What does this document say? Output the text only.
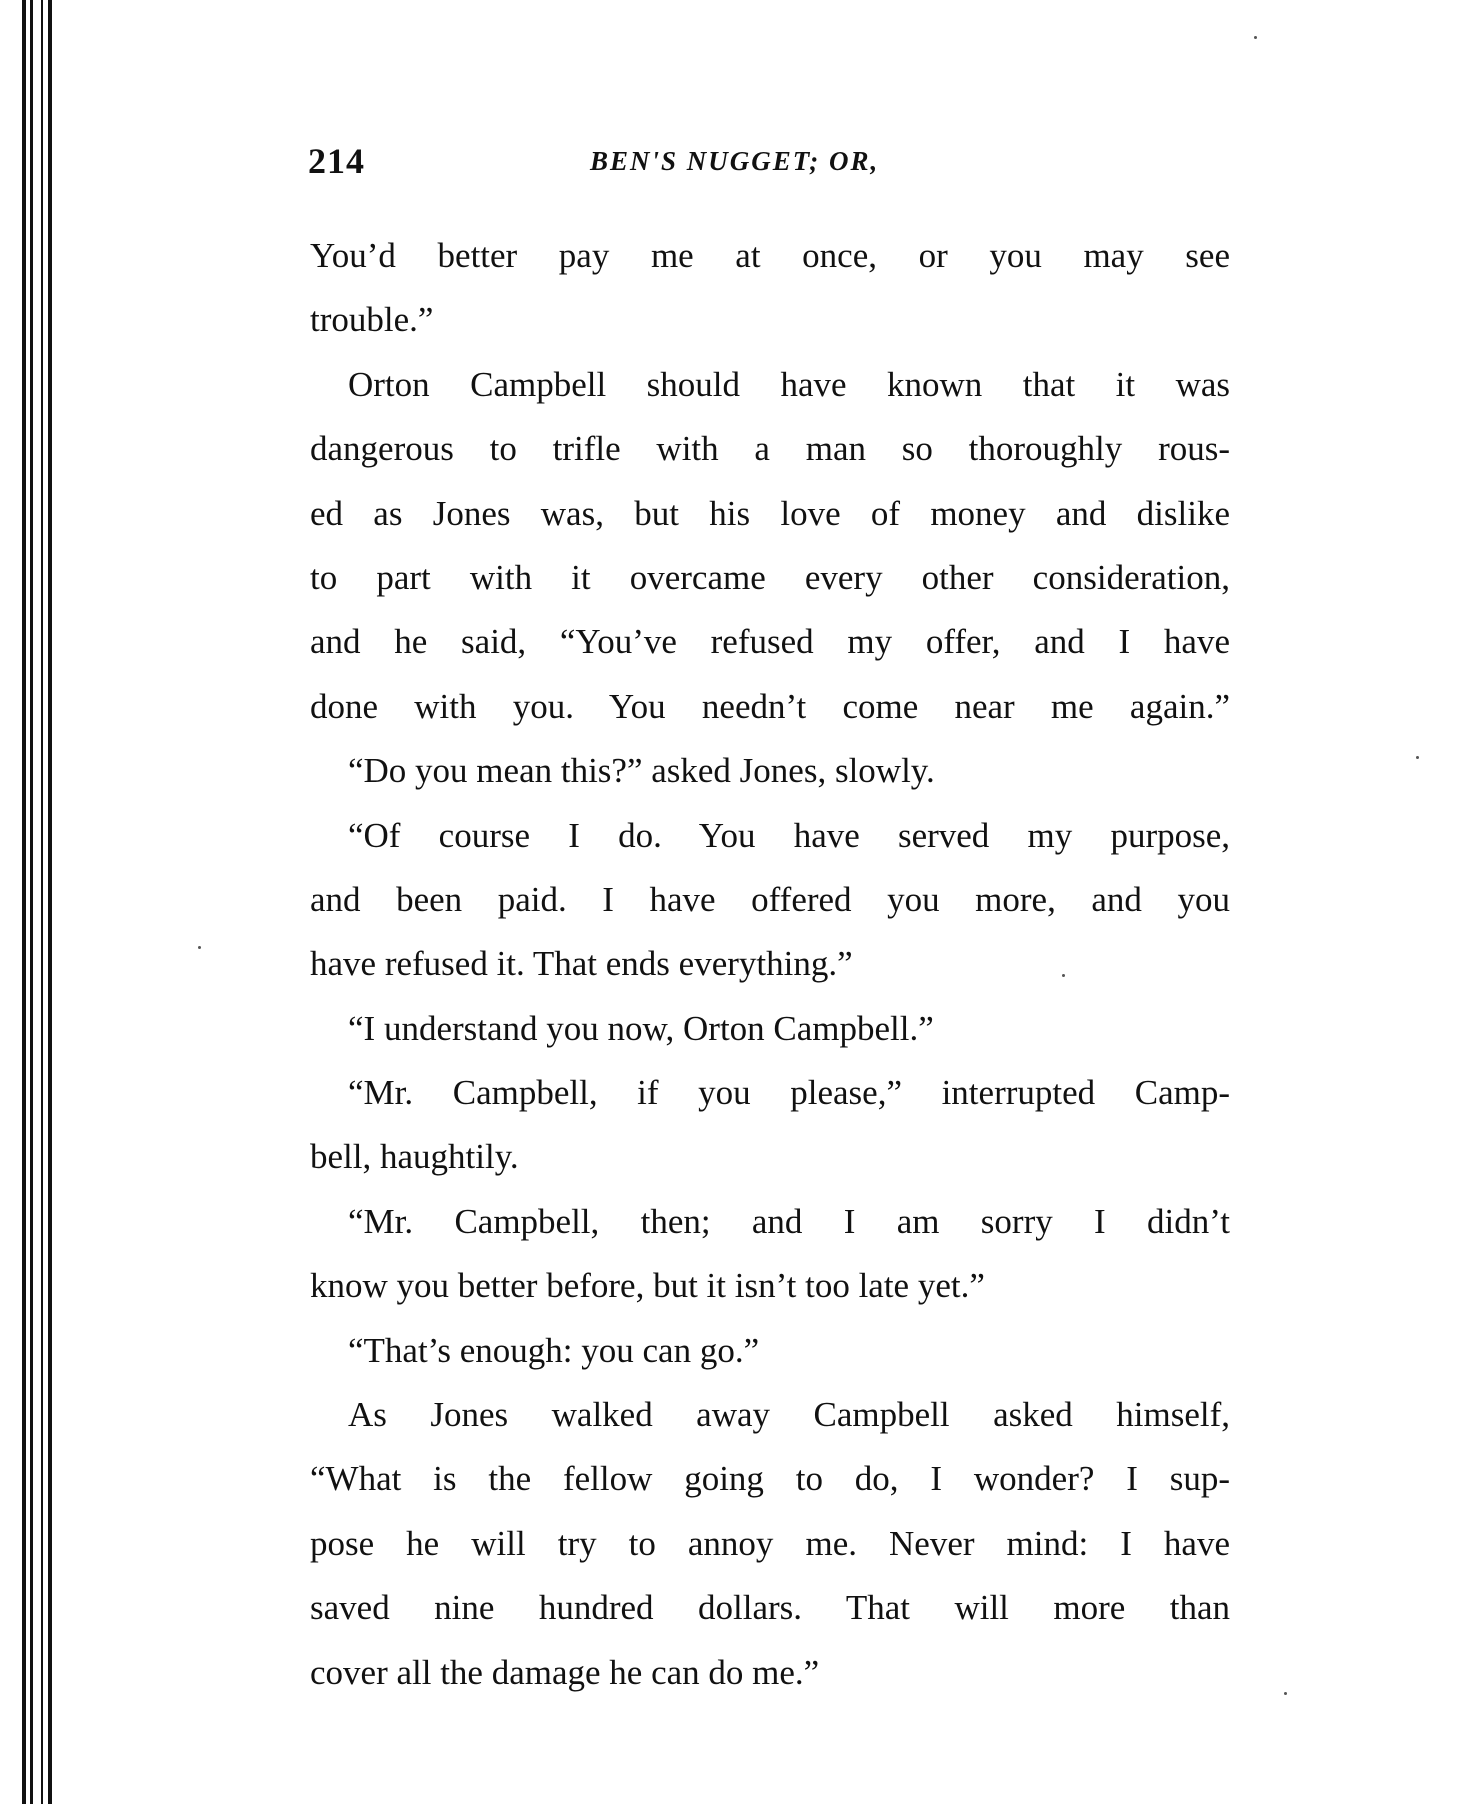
214	BEN'S NUGGET; OR,
You’d better pay me at once, or you may see
trouble.”
Orton Campbell should have known that it was
dangerous to trifle with a man so thoroughly rous-
ed as Jones was, but his love of money and dislike
to part with it overcame every other consideration,
and he said, “You’ve refused my offer, and I have
done with you. You needn’t come near me again.”
“Do you mean this?” asked Jones, slowly.
“Of course I do. You have served my purpose,
and been paid. I have offered you more, and you
have refused it. That ends everything.”
“I understand you now, Orton Campbell.”
“Mr. Campbell, if you please,” interrupted Camp-
bell, haughtily.
“Mr. Campbell, then; and I am sorry I didn’t
know you better before, but it isn’t too late yet.”
“That’s enough: you can go.”
As Jones walked away Campbell asked himself,
“What is the fellow going to do, I wonder? I sup-
pose he will try to annoy me. Never mind: I have
saved nine hundred dollars. That will more than
cover all the damage he can do me.”
